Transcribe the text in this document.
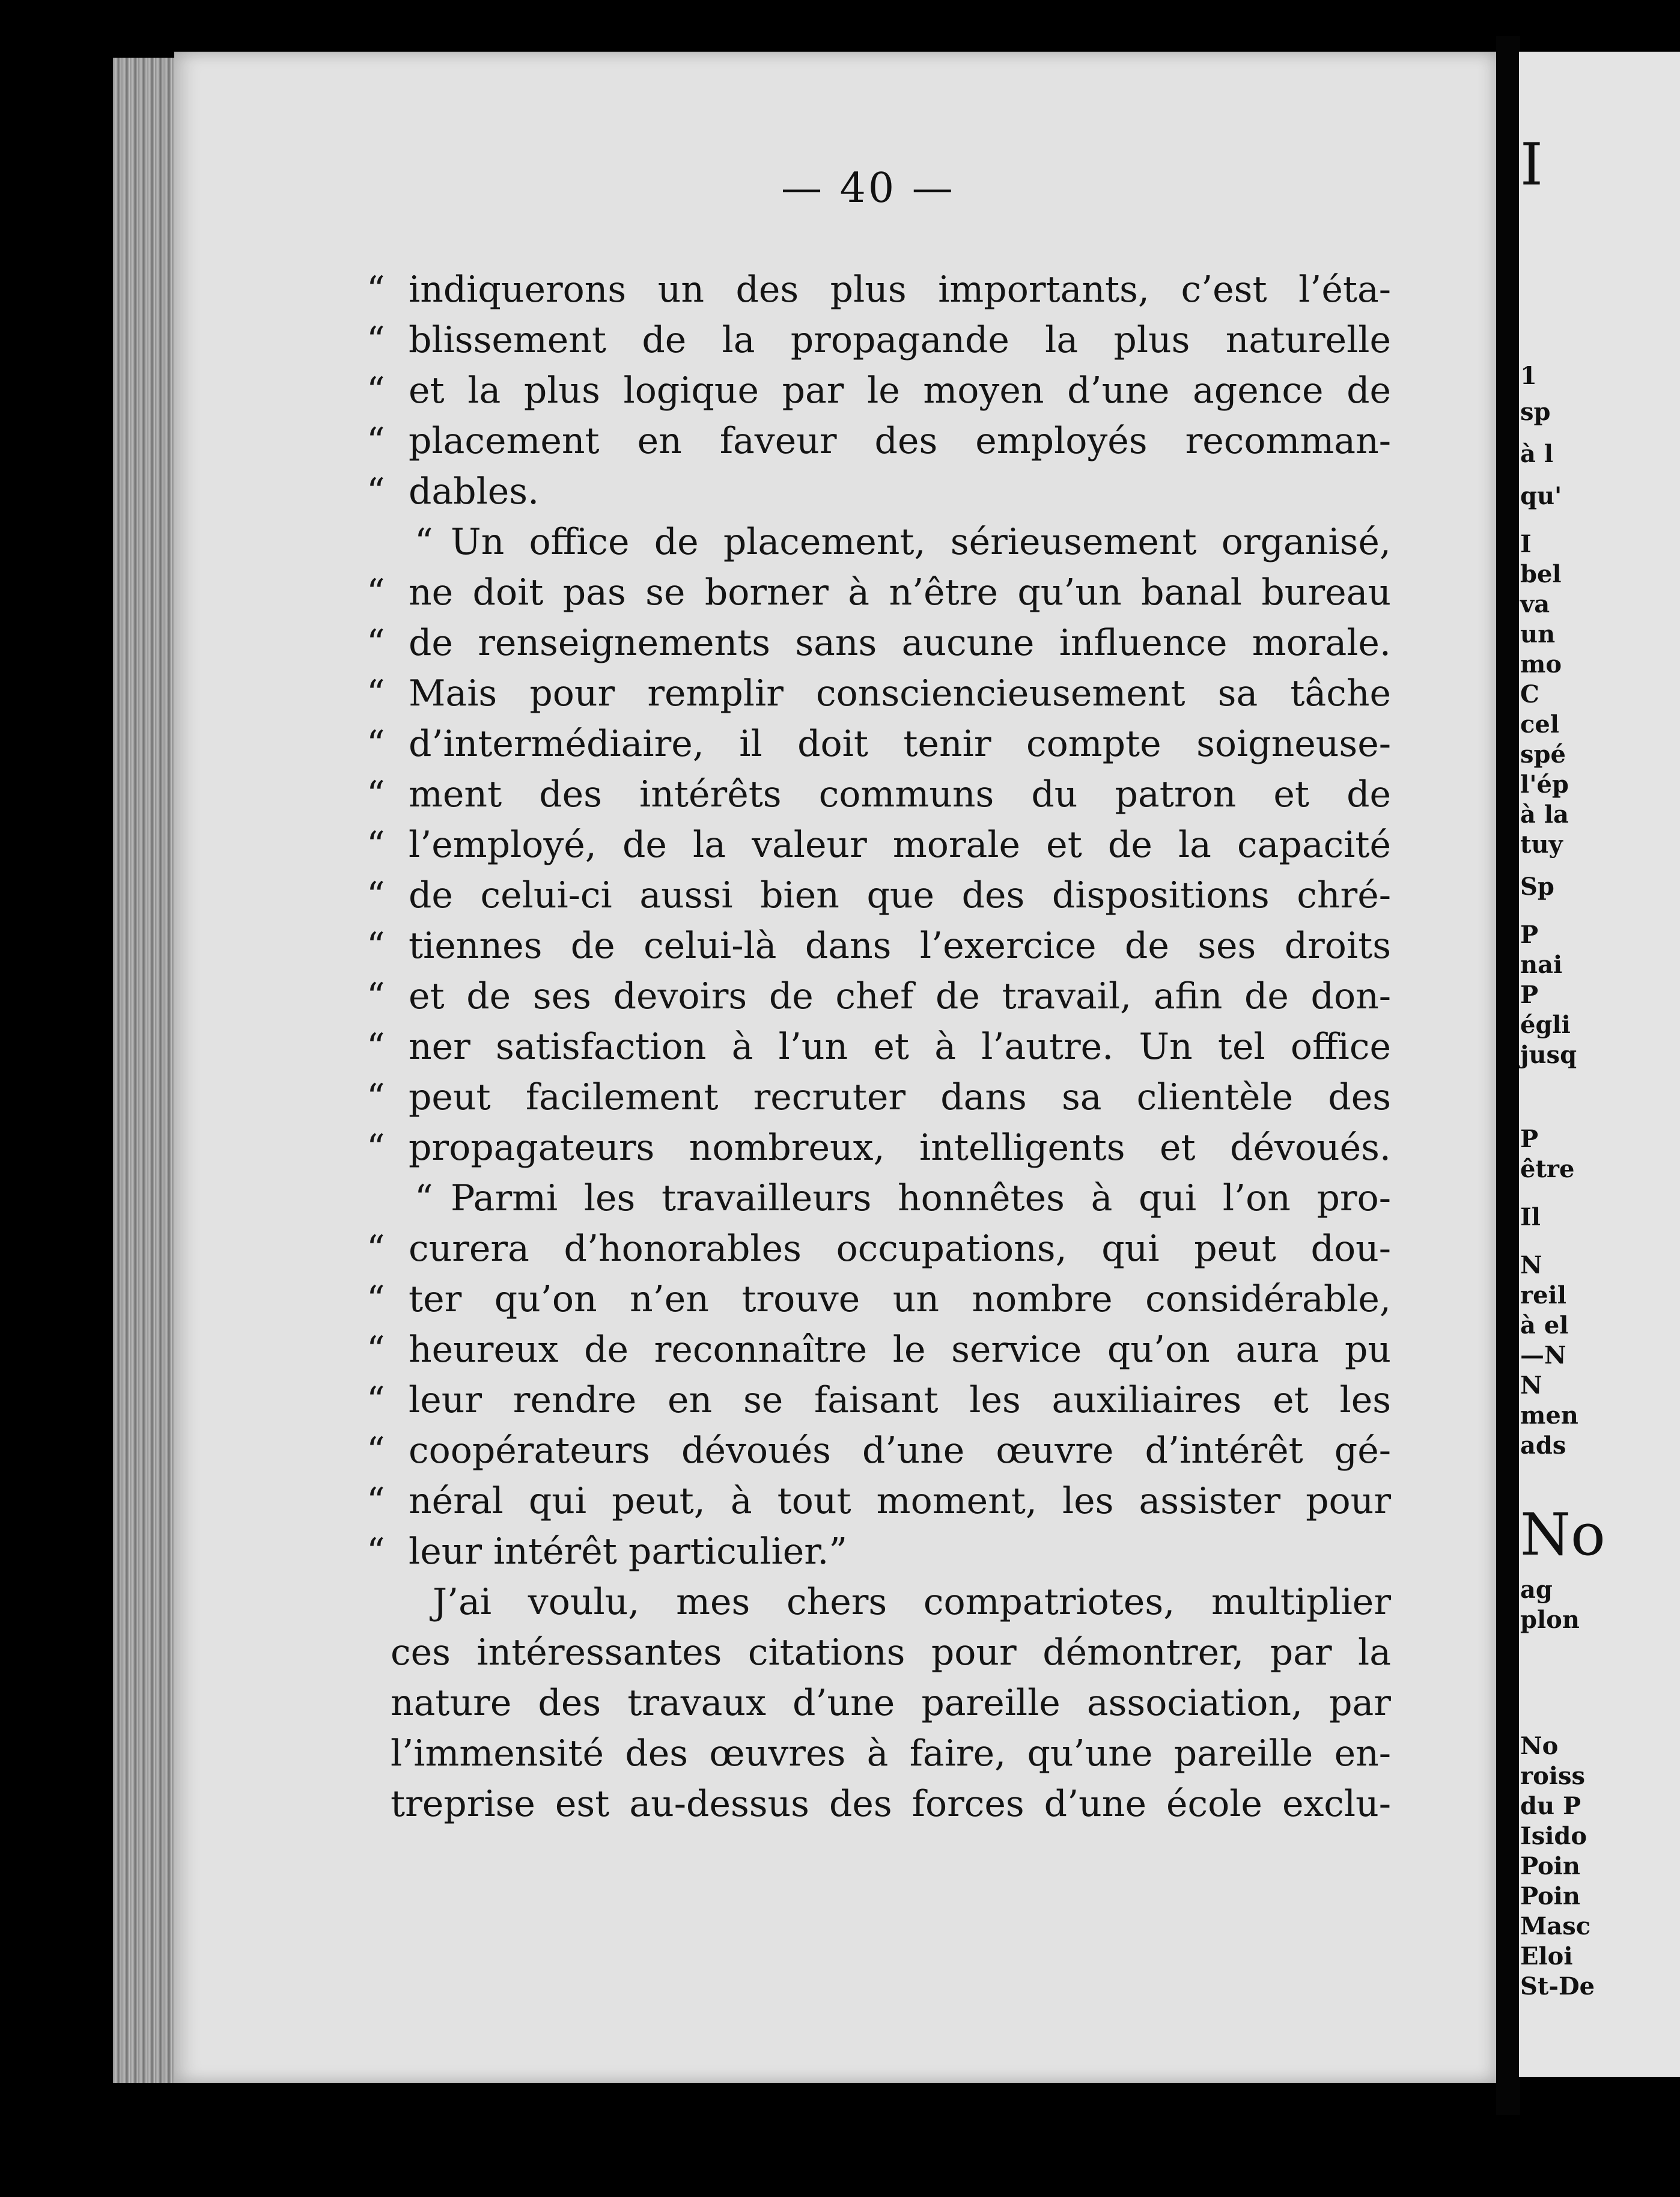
I
1
sp
à l
qu'
I
bel
va
un
mo
C
cel
spé
l'ép
à la
tuy
Sp
P
nai
P
égli
jusq
P
être
Il
N
reil
à el
—N
N
men
ads
No
ag
plon
No
roiss
du P
Isido
Poin
Poin
Masc
Eloi
St-De
— 40 —
“ indiquerons un des plus importants, c’est l’éta-
“ blissement de la propagande la plus naturelle
“ et la plus logique par le moyen d’une agence de
“ placement en faveur des employés recomman-
“ dables.
“ Un office de placement, sérieusement organisé,
“ ne doit pas se borner à n’être qu’un banal bureau
“ de renseignements sans aucune influence morale.
“ Mais pour remplir consciencieusement sa tâche
“ d’intermédiaire, il doit tenir compte soigneuse-
“ ment des intérêts communs du patron et de
“ l’employé, de la valeur morale et de la capacité
“ de celui-ci aussi bien que des dispositions chré-
“ tiennes de celui-là dans l’exercice de ses droits
“ et de ses devoirs de chef de travail, afin de don-
“ ner satisfaction à l’un et à l’autre. Un tel office
“ peut facilement recruter dans sa clientèle des
“ propagateurs nombreux, intelligents et dévoués.
“ Parmi les travailleurs honnêtes à qui l’on pro-
“ curera d’honorables occupations, qui peut dou-
“ ter qu’on n’en trouve un nombre considérable,
“ heureux de reconnaître le service qu’on aura pu
“ leur rendre en se faisant les auxiliaires et les
“ coopérateurs dévoués d’une œuvre d’intérêt gé-
“ néral qui peut, à tout moment, les assister pour
“ leur intérêt particulier.”
J’ai voulu, mes chers compatriotes, multiplier
ces intéressantes citations pour démontrer, par la
nature des travaux d’une pareille association, par
l’immensité des œuvres à faire, qu’une pareille en-
treprise est au-dessus des forces d’une école exclu-
